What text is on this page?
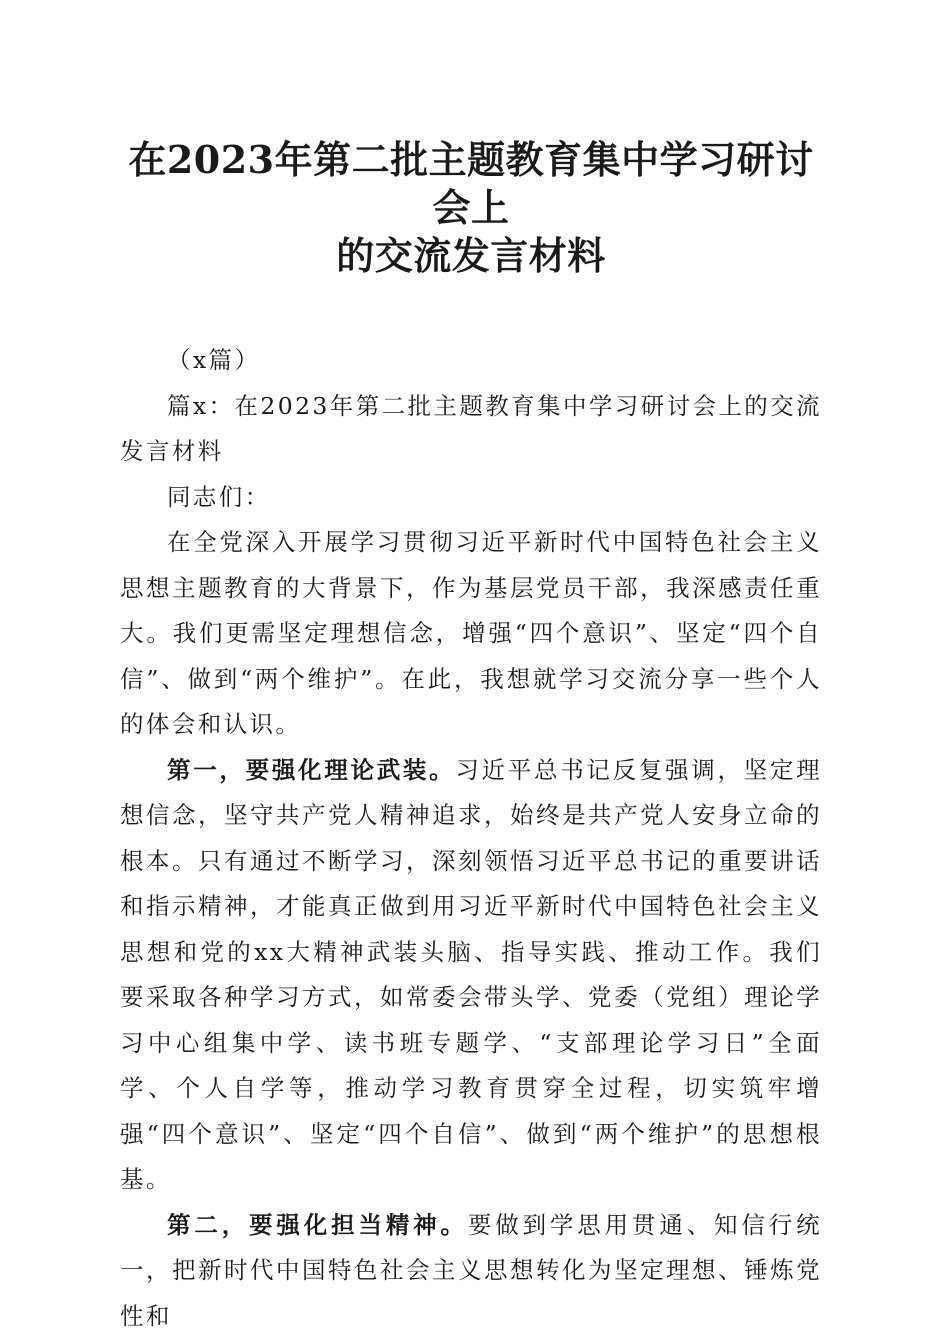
在2023年第二批主题教育集中学习研讨会上
的交流发言材料

（x篇）

篇x：在2023年第二批主题教育集中学习研讨会上的交流发言材料

同志们：

在全党深入开展学习贯彻习近平新时代中国特色社会主义思想主题教育的大背景下，作为基层党员干部，我深感责任重大。我们更需坚定理想信念，增强“四个意识”、坚定“四个自信”、做到“两个维护”。在此，我想就学习交流分享一些个人的体会和认识。

第一，要强化理论武装。习近平总书记反复强调，坚定理想信念，坚守共产党人精神追求，始终是共产党人安身立命的根本。只有通过不断学习，深刻领悟习近平总书记的重要讲话和指示精神，才能真正做到用习近平新时代中国特色社会主义思想和党的xx大精神武装头脑、指导实践、推动工作。我们要采取各种学习方式，如常委会带头学、党委（党组）理论学习中心组集中学、读书班专题学、“支部理论学习日”全面学、个人自学等，推动学习教育贯穿全过程，切实筑牢增强“四个意识”、坚定“四个自信”、做到“两个维护”的思想根基。

第二，要强化担当精神。要做到学思用贯通、知信行统一，把新时代中国特色社会主义思想转化为坚定理想、锤炼党性和
